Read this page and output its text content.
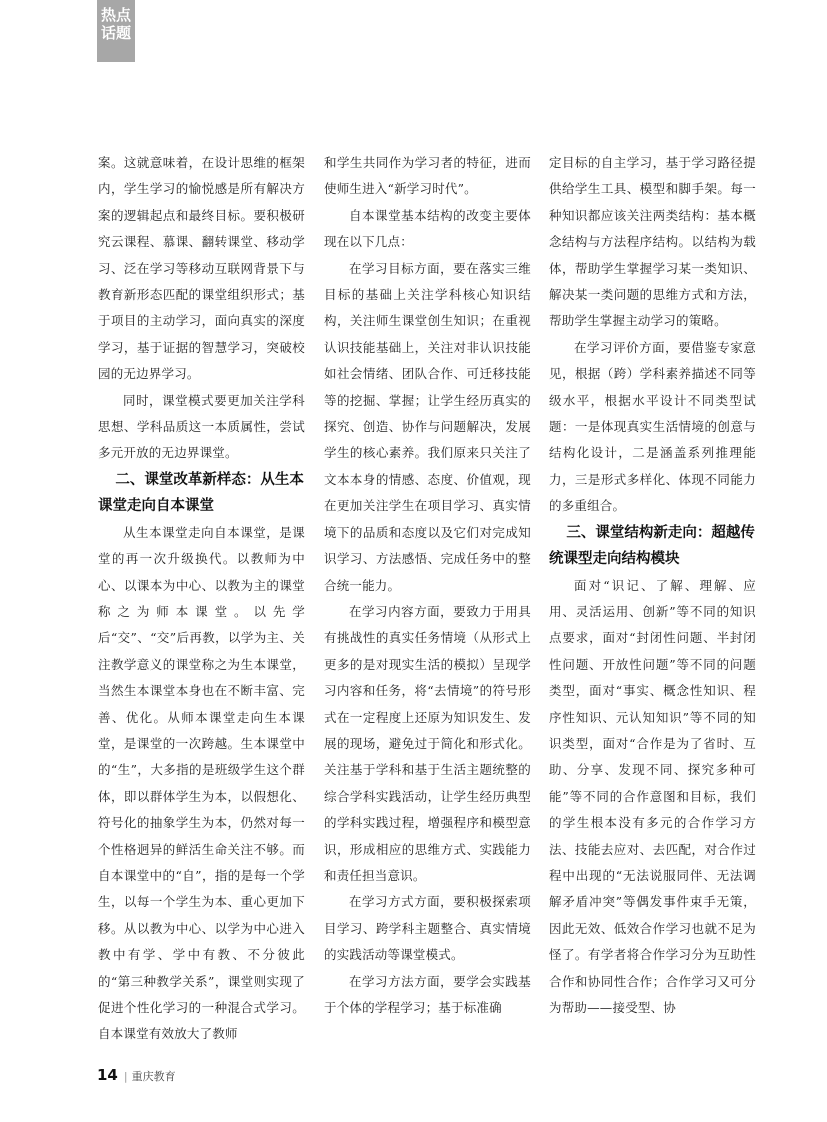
热点
话题

案。这就意味着，在设计思维的框架内，学生学习的愉悦感是所有解决方案的逻辑起点和最终目标。要积极研究云课程、慕课、翻转课堂、移动学习、泛在学习等移动互联网背景下与教育新形态匹配的课堂组织形式；基于项目的主动学习，面向真实的深度学习，基于证据的智慧学习，突破校园的无边界学习。

同时，课堂模式要更加关注学科思想、学科品质这一本质属性，尝试多元开放的无边界课堂。

二、课堂改革新样态：从生本课堂走向自本课堂

从生本课堂走向自本课堂，是课堂的再一次升级换代。以教师为中心、以课本为中心、以教为主的课堂称之为师本课堂。以先学后“交”、“交”后再教，以学为主、关注教学意义的课堂称之为生本课堂，当然生本课堂本身也在不断丰富、完善、优化。从师本课堂走向生本课堂，是课堂的一次跨越。生本课堂中的“生”，大多指的是班级学生这个群体，即以群体学生为本，以假想化、符号化的抽象学生为本，仍然对每一个性格迥异的鲜活生命关注不够。而自本课堂中的“自”，指的是每一个学生，以每一个学生为本、重心更加下移。从以教为中心、以学为中心进入教中有学、学中有教、不分彼此的“第三种教学关系”，课堂则实现了促进个性化学习的一种混合式学习。自本课堂有效放大了教师

和学生共同作为学习者的特征，进而使师生进入“新学习时代”。

自本课堂基本结构的改变主要体现在以下几点：

在学习目标方面，要在落实三维目标的基础上关注学科核心知识结构，关注师生课堂创生知识；在重视认识技能基础上，关注对非认识技能如社会情绪、团队合作、可迁移技能等的挖掘、掌握；让学生经历真实的探究、创造、协作与问题解决，发展学生的核心素养。我们原来只关注了文本本身的情感、态度、价值观，现在更加关注学生在项目学习、真实情境下的品质和态度以及它们对完成知识学习、方法感悟、完成任务中的整合统一能力。

在学习内容方面，要致力于用具有挑战性的真实任务情境（从形式上更多的是对现实生活的模拟）呈现学习内容和任务，将“去情境”的符号形式在一定程度上还原为知识发生、发展的现场，避免过于简化和形式化。关注基于学科和基于生活主题统整的综合学科实践活动，让学生经历典型的学科实践过程，增强程序和模型意识，形成相应的思维方式、实践能力和责任担当意识。

在学习方式方面，要积极探索项目学习、跨学科主题整合、真实情境的实践活动等课堂模式。

在学习方法方面，要学会实践基于个体的学程学习；基于标准确

定目标的自主学习，基于学习路径提供给学生工具、模型和脚手架。每一种知识都应该关注两类结构：基本概念结构与方法程序结构。以结构为载体，帮助学生掌握学习某一类知识、解决某一类问题的思维方式和方法，帮助学生掌握主动学习的策略。

在学习评价方面，要借鉴专家意见，根据（跨）学科素养描述不同等级水平，根据水平设计不同类型试题：一是体现真实生活情境的创意与结构化设计，二是涵盖系列推理能力，三是形式多样化、体现不同能力的多重组合。

三、课堂结构新走向：超越传统课型走向结构模块

面对“识记、了解、理解、应用、灵活运用、创新”等不同的知识点要求，面对“封闭性问题、半封闭性问题、开放性问题”等不同的问题类型，面对“事实、概念性知识、程序性知识、元认知知识”等不同的知识类型，面对“合作是为了省时、互助、分享、发现不同、探究多种可能”等不同的合作意图和目标，我们的学生根本没有多元的合作学习方法、技能去应对、去匹配，对合作过程中出现的“无法说服同伴、无法调解矛盾冲突”等偶发事件束手无策，因此无效、低效合作学习也就不足为怪了。有学者将合作学习分为互助性合作和协同性合作；合作学习又可分为帮助——接受型、协

14 | 重庆教育
